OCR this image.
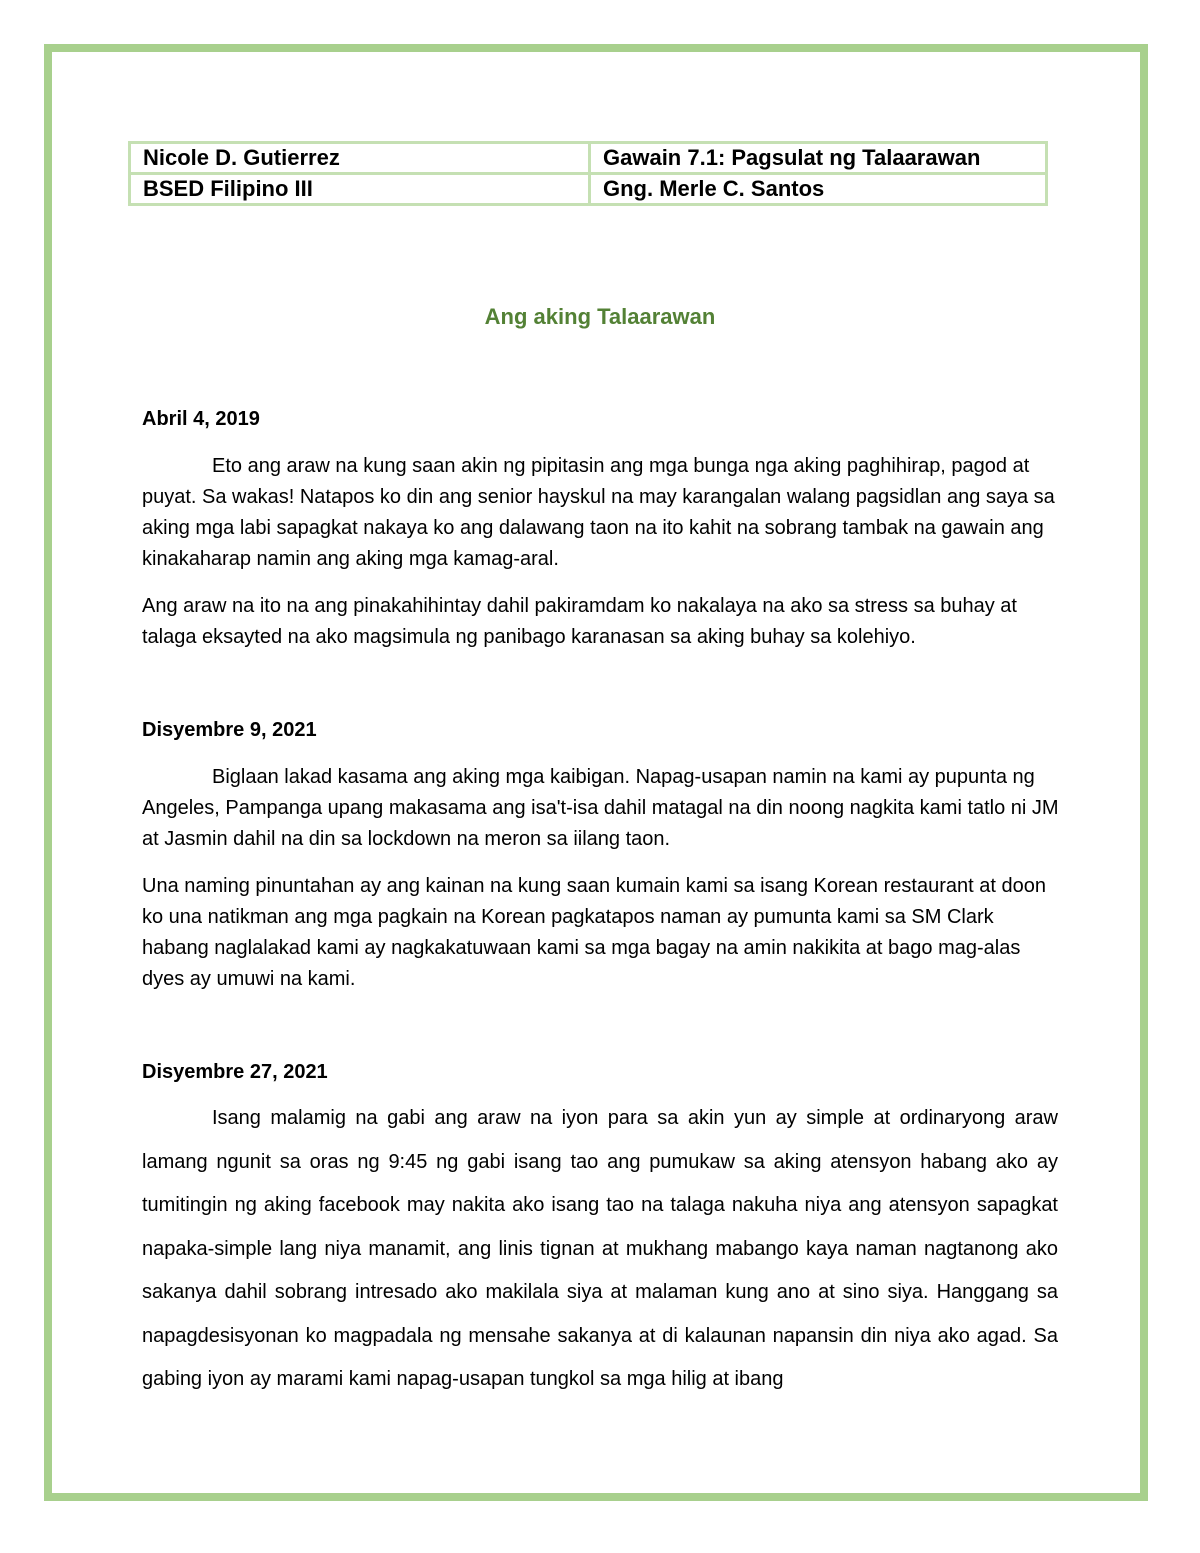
Nicole D. Gutierrez	Gawain 7.1: Pagsulat ng Talaarawan
BSED Filipino III	Gng. Merle C. Santos
Ang aking Talaarawan
Abril 4, 2019

Eto ang araw na kung saan akin ng pipitasin ang mga bunga nga aking paghihirap, pagod at puyat. Sa wakas! Natapos ko din ang senior hayskul na may karangalan walang pagsidlan ang saya sa aking mga labi sapagkat nakaya ko ang dalawang taon na ito kahit na sobrang tambak na gawain ang kinakaharap namin ang aking mga kamag-aral.

Ang araw na ito na ang pinakahihintay dahil pakiramdam ko nakalaya na ako sa stress sa buhay at talaga eksayted na ako magsimula ng panibago karanasan sa aking buhay sa kolehiyo.

Disyembre 9, 2021

Biglaan lakad kasama ang aking mga kaibigan. Napag-usapan namin na kami ay pupunta ng Angeles, Pampanga upang makasama ang isa't-isa dahil matagal na din noong nagkita kami tatlo ni JM at Jasmin dahil na din sa lockdown na meron sa iilang taon.

Una naming pinuntahan ay ang kainan na kung saan kumain kami sa isang Korean restaurant at doon ko una natikman ang mga pagkain na Korean pagkatapos naman ay pumunta kami sa SM Clark habang naglalakad kami ay nagkakatuwaan kami sa mga bagay na amin nakikita at bago mag-alas dyes ay umuwi na kami.

Disyembre 27, 2021

Isang malamig na gabi ang araw na iyon para sa akin yun ay simple at ordinaryong araw lamang ngunit sa oras ng 9:45 ng gabi isang tao ang pumukaw sa aking atensyon habang ako ay tumitingin ng aking facebook may nakita ako isang tao na talaga nakuha niya ang atensyon sapagkat napaka-simple lang niya manamit, ang linis tignan at mukhang mabango kaya naman nagtanong ako sakanya dahil sobrang intresado ako makilala siya at malaman kung ano at sino siya. Hanggang sa napagdesisyonan ko magpadala ng mensahe sakanya at di kalaunan napansin din niya ako agad. Sa gabing iyon ay marami kami napag-usapan tungkol sa mga hilig at ibang
